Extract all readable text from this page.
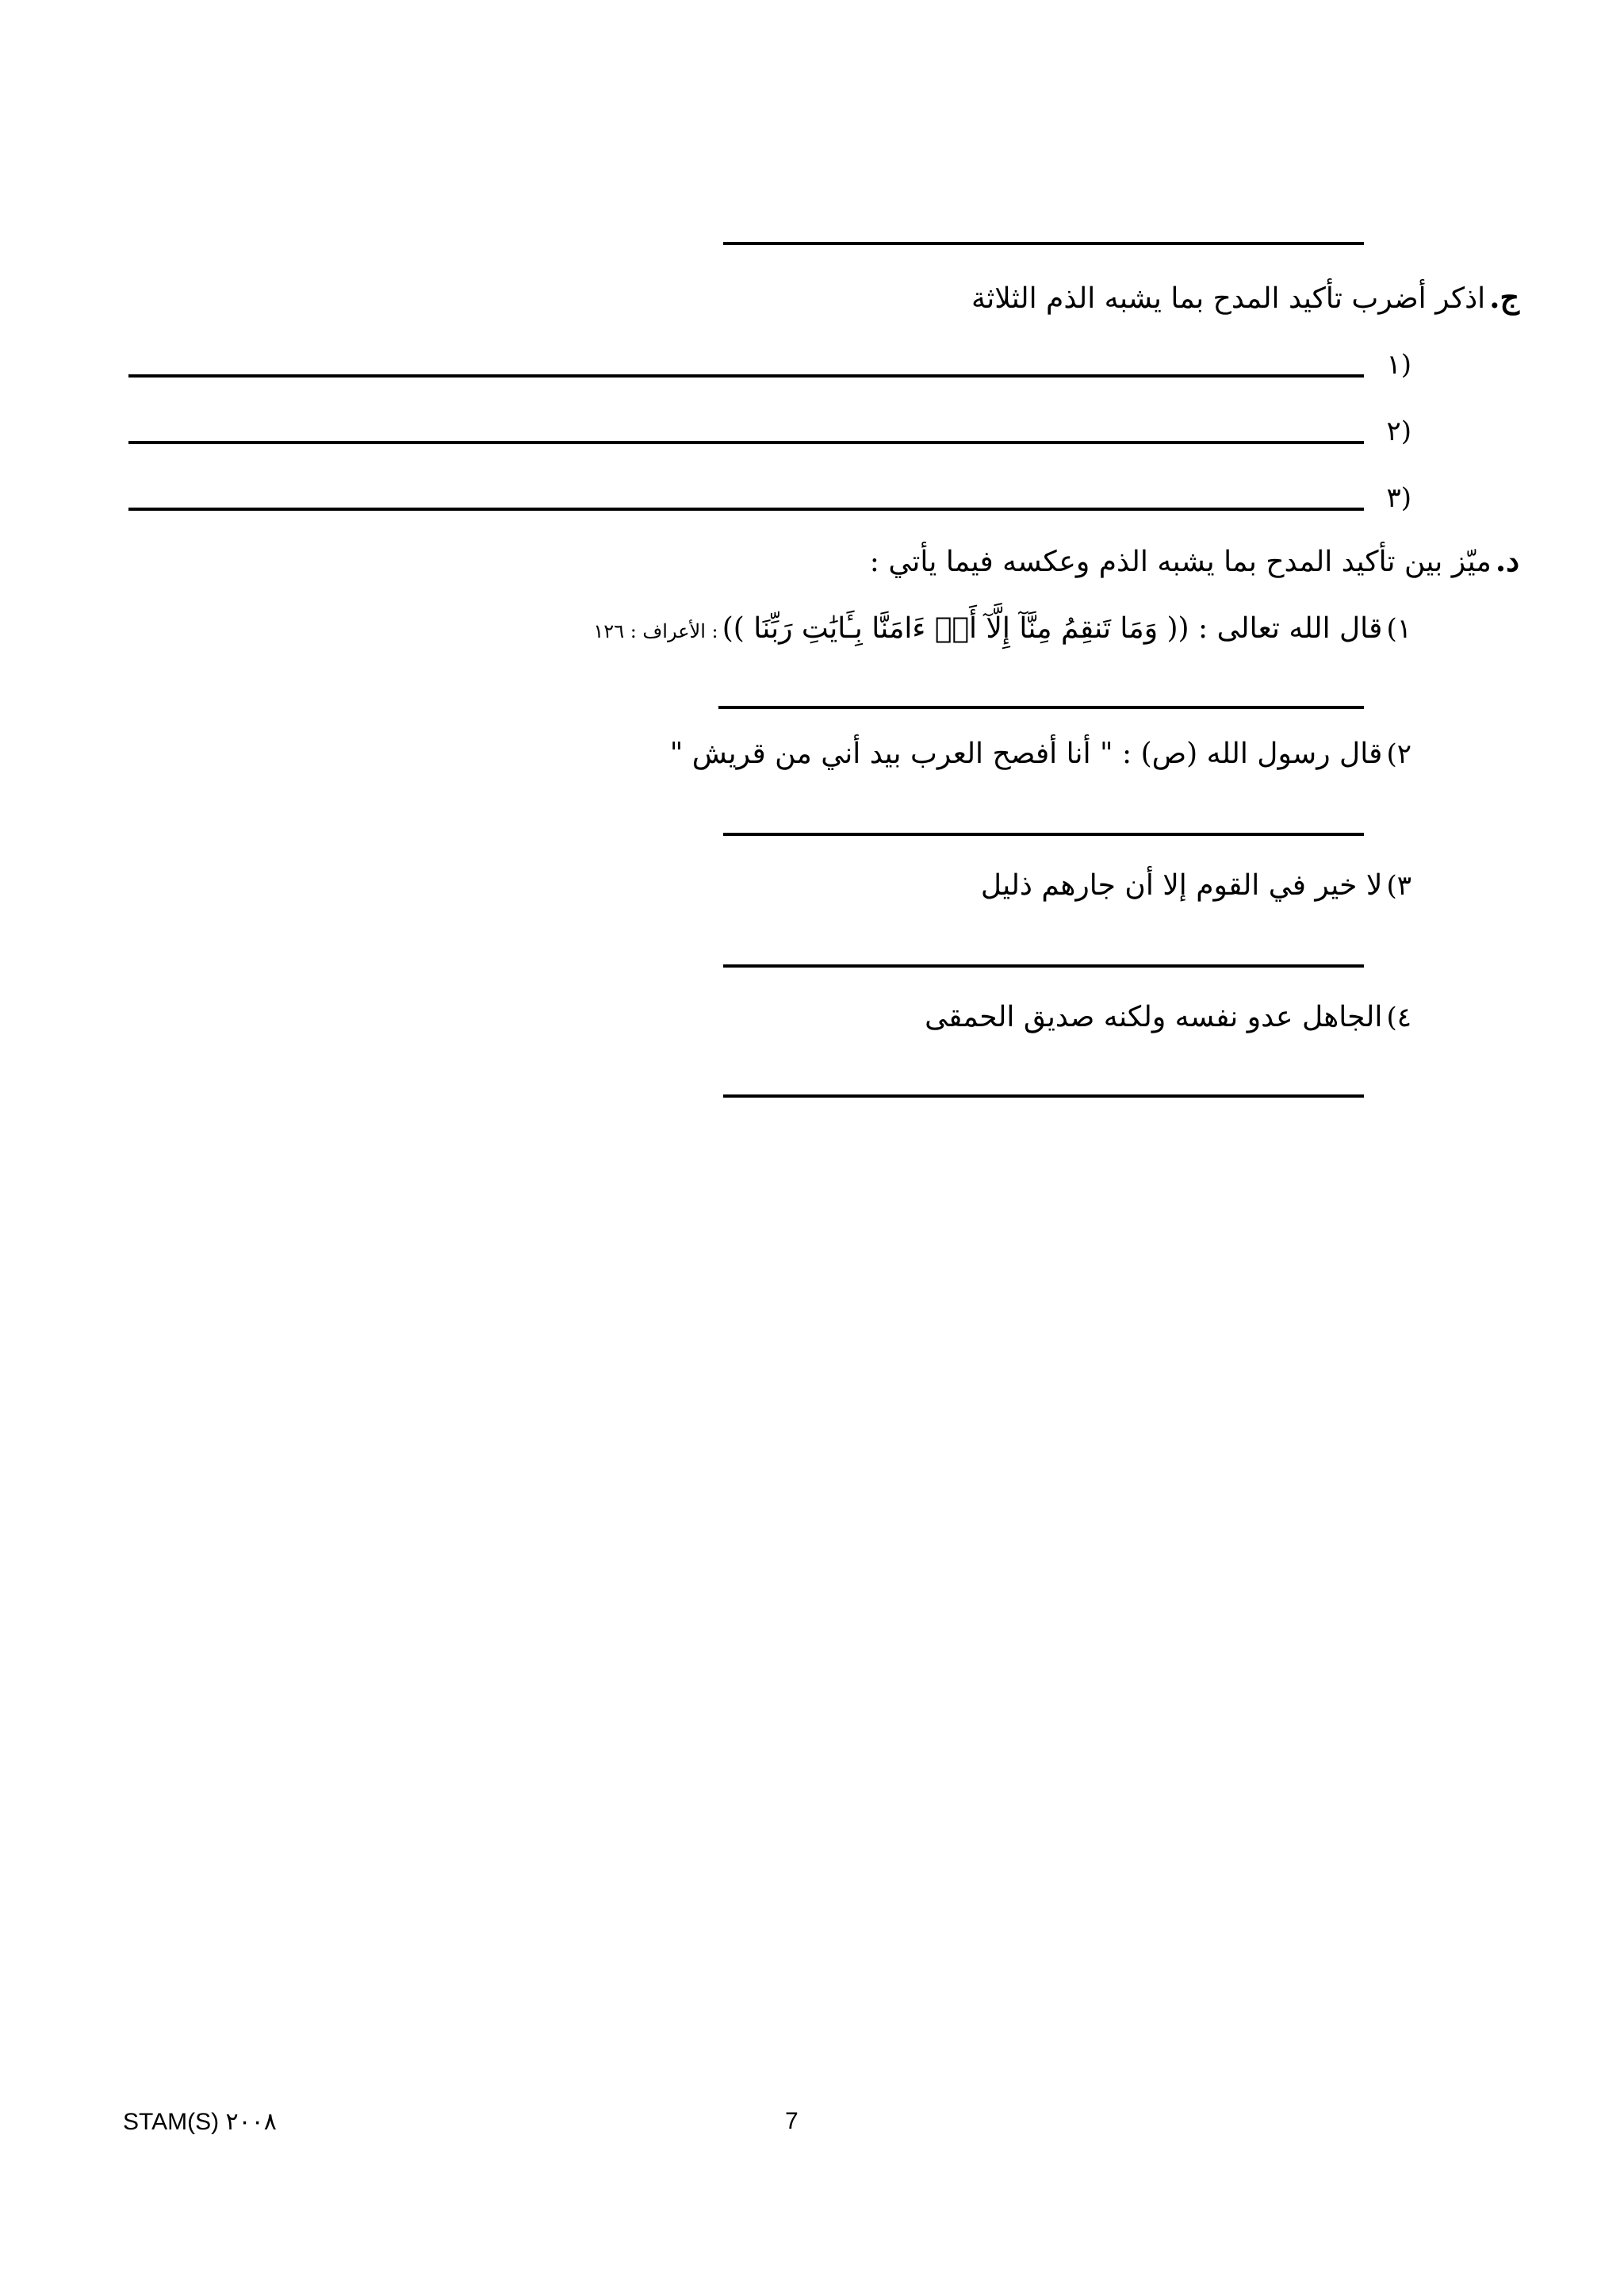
ج. اذكر أضرب تأكيد المدح بما يشبه الذم الثلاثة
١)
٢)
٣)
د. ميّز بين تأكيد المدح بما يشبه الذم وعكسه فيما يأتي :
١) قال الله تعالى : (( وَمَا تَنقِمُ مِنَّآ إِلَّآ أَنۡ ءَامَنَّا بِـَٔايَٰتِ رَبِّنَا )) : الأعراف : ١٢٦
٢) قال رسول الله (ص) : " أنا أفصح العرب بيد أني من قريش "
٣) لا خير في القوم إلا أن جارهم ذليل
٤) الجاهل عدو نفسه ولكنه صديق الحمقى
STAM(S) ٢٠٠٨	7
